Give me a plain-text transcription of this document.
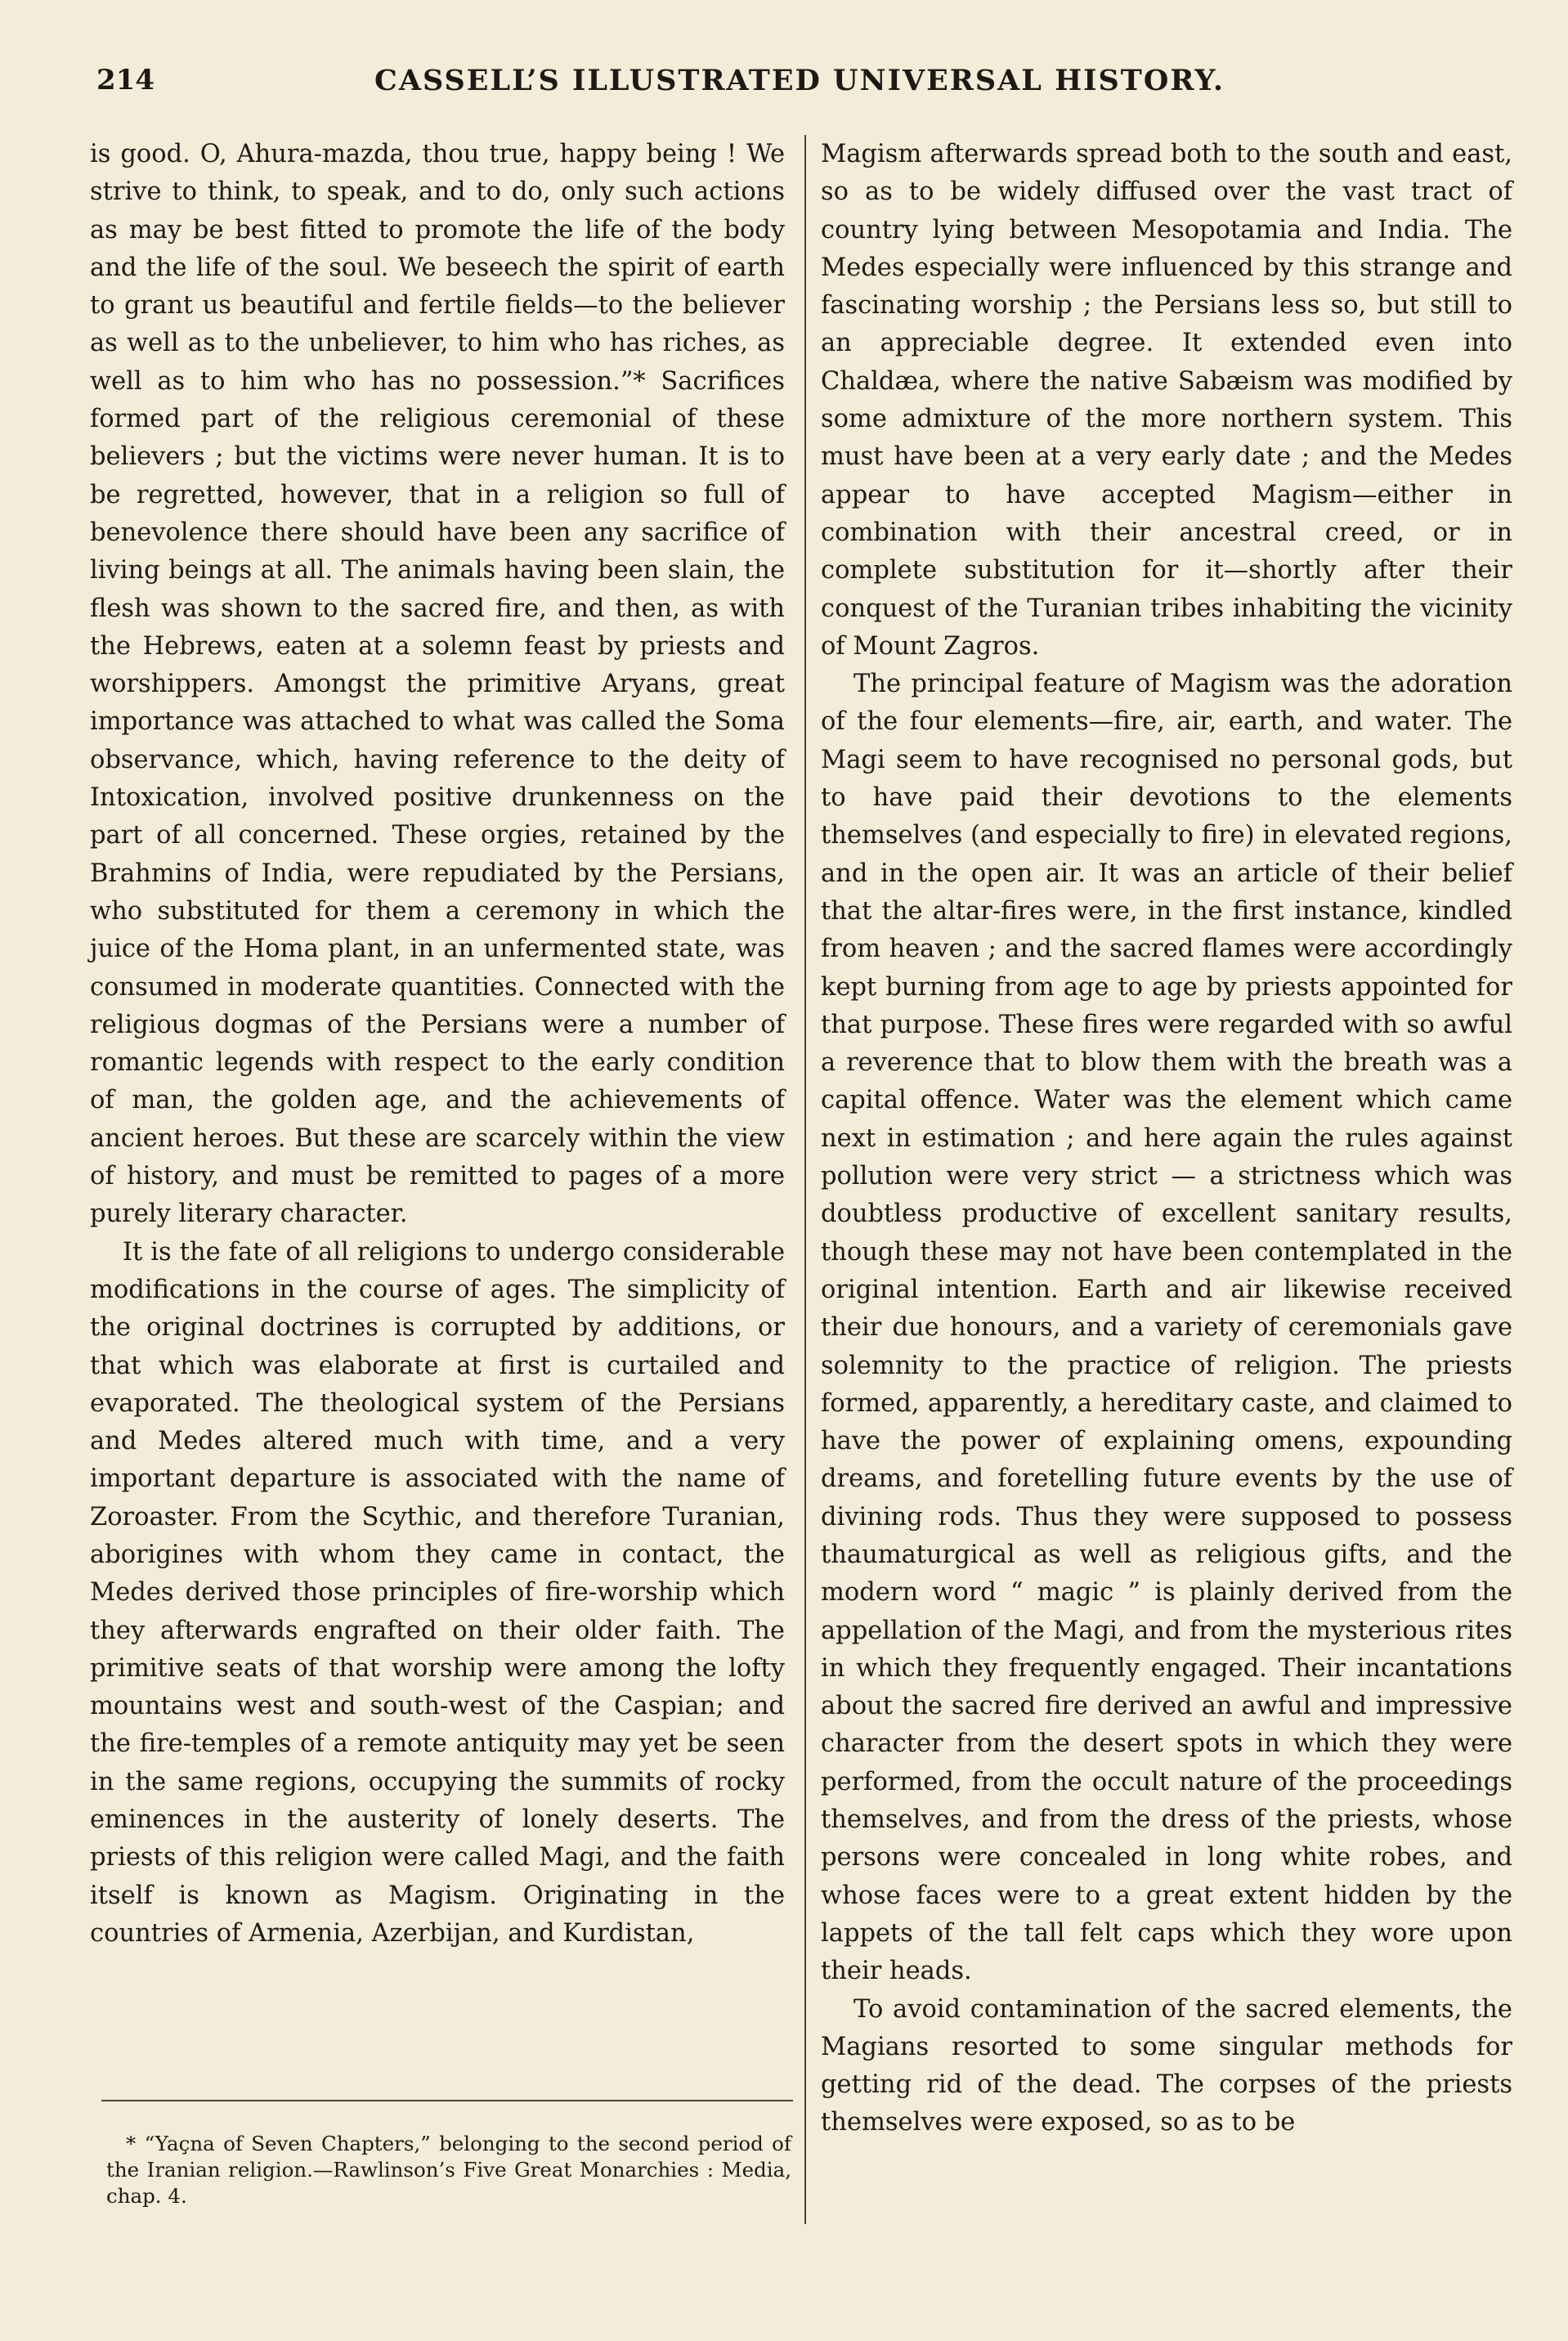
214	CASSELL’S ILLUSTRATED UNIVERSAL HISTORY.

is good. O, Ahura-mazda, thou true, happy being ! We strive to think, to speak, and to do, only such actions as may be best fitted to promote the life of the body and the life of the soul. We beseech the spirit of earth to grant us beautiful and fertile fields—to the believer as well as to the unbeliever, to him who has riches, as well as to him who has no possession.”* Sacrifices formed part of the religious ceremonial of these believers ; but the victims were never human. It is to be regretted, however, that in a religion so full of benevolence there should have been any sacrifice of living beings at all. The animals having been slain, the flesh was shown to the sacred fire, and then, as with the Hebrews, eaten at a solemn feast by priests and worshippers. Amongst the primitive Aryans, great importance was attached to what was called the Soma observance, which, having reference to the deity of Intoxication, involved positive drunkenness on the part of all concerned. These orgies, retained by the Brahmins of India, were repudiated by the Persians, who substituted for them a ceremony in which the juice of the Homa plant, in an unfermented state, was consumed in moderate quantities. Connected with the religious dogmas of the Persians were a number of romantic legends with respect to the early condition of man, the golden age, and the achievements of ancient heroes. But these are scarcely within the view of history, and must be remitted to pages of a more purely literary character.

It is the fate of all religions to undergo considerable modifications in the course of ages. The simplicity of the original doctrines is corrupted by additions, or that which was elaborate at first is curtailed and evaporated. The theological system of the Persians and Medes altered much with time, and a very important departure is associated with the name of Zoroaster. From the Scythic, and therefore Turanian, aborigines with whom they came in contact, the Medes derived those principles of fire-worship which they afterwards engrafted on their older faith. The primitive seats of that worship were among the lofty mountains west and south-west of the Caspian; and the fire-temples of a remote antiquity may yet be seen in the same regions, occupying the summits of rocky eminences in the austerity of lonely deserts. The priests of this religion were called Magi, and the faith itself is known as Magism. Originating in the countries of Armenia, Azerbijan, and Kurdistan,

Magism afterwards spread both to the south and east, so as to be widely diffused over the vast tract of country lying between Mesopotamia and India. The Medes especially were influenced by this strange and fascinating worship ; the Persians less so, but still to an appreciable degree. It extended even into Chaldæa, where the native Sabæism was modified by some admixture of the more northern system. This must have been at a very early date ; and the Medes appear to have accepted Magism—either in combination with their ancestral creed, or in complete substitution for it—shortly after their conquest of the Turanian tribes inhabiting the vicinity of Mount Zagros.

The principal feature of Magism was the adoration of the four elements—fire, air, earth, and water. The Magi seem to have recognised no personal gods, but to have paid their devotions to the elements themselves (and especially to fire) in elevated regions, and in the open air. It was an article of their belief that the altar-fires were, in the first instance, kindled from heaven ; and the sacred flames were accordingly kept burning from age to age by priests appointed for that purpose. These fires were regarded with so awful a reverence that to blow them with the breath was a capital offence. Water was the element which came next in estimation ; and here again the rules against pollution were very strict — a strictness which was doubtless productive of excellent sanitary results, though these may not have been contemplated in the original intention. Earth and air likewise received their due honours, and a variety of ceremonials gave solemnity to the practice of religion. The priests formed, apparently, a hereditary caste, and claimed to have the power of explaining omens, expounding dreams, and foretelling future events by the use of divining rods. Thus they were supposed to possess thaumaturgical as well as religious gifts, and the modern word “ magic ” is plainly derived from the appellation of the Magi, and from the mysterious rites in which they frequently engaged. Their incantations about the sacred fire derived an awful and impressive character from the desert spots in which they were performed, from the occult nature of the proceedings themselves, and from the dress of the priests, whose persons were concealed in long white robes, and whose faces were to a great extent hidden by the lappets of the tall felt caps which they wore upon their heads.

To avoid contamination of the sacred elements, the Magians resorted to some singular methods for getting rid of the dead. The corpses of the priests themselves were exposed, so as to be

* “Yaçna of Seven Chapters,” belonging to the second period of the Iranian religion.—Rawlinson’s Five Great Monarchies : Media, chap. 4.
